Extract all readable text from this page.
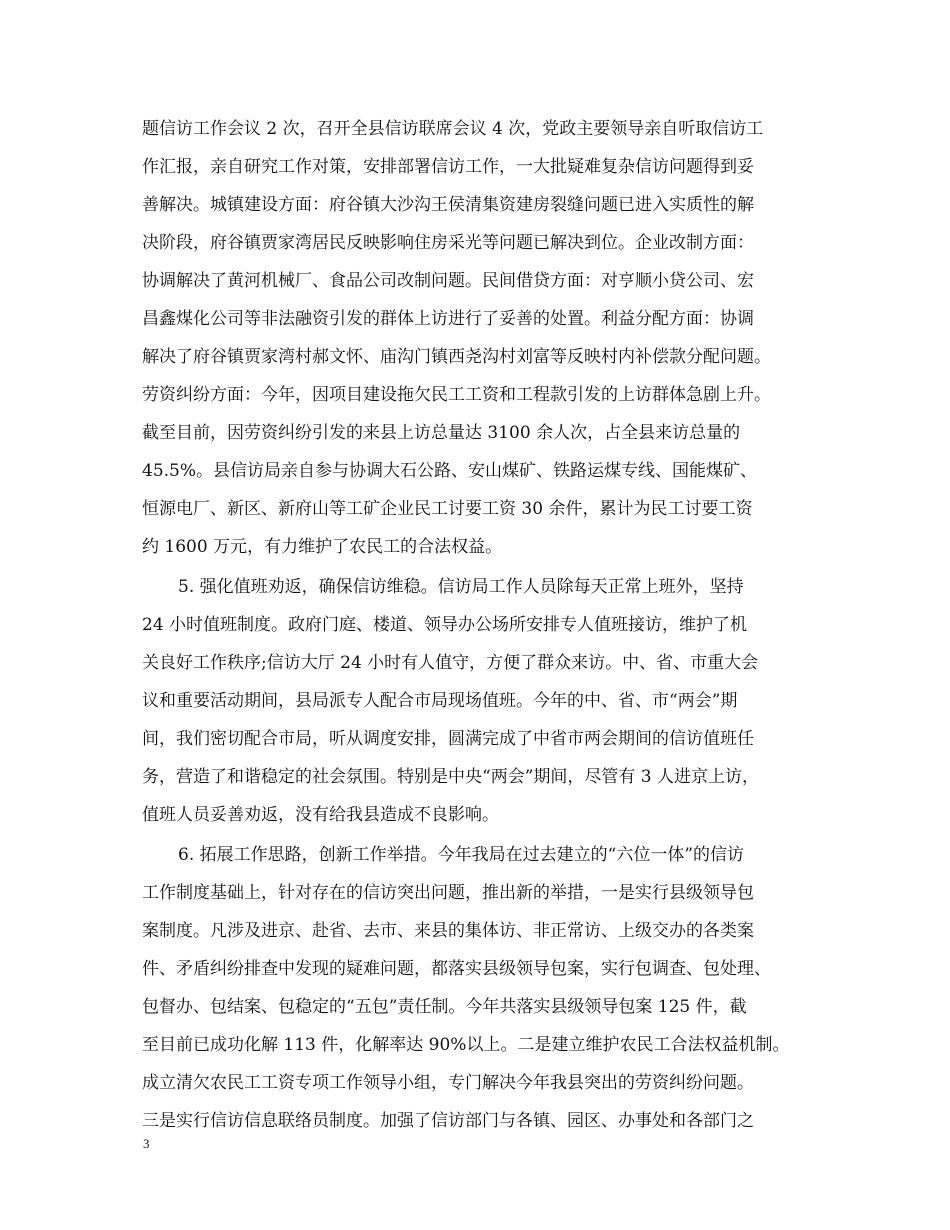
题信访工作会议 2 次，召开全县信访联席会议 4 次，党政主要领导亲自听取信访工
作汇报，亲自研究工作对策，安排部署信访工作，一大批疑难复杂信访问题得到妥
善解决。城镇建设方面：府谷镇大沙沟王侯清集资建房裂缝问题已进入实质性的解
决阶段，府谷镇贾家湾居民反映影响住房采光等问题已解决到位。企业改制方面：
协调解决了黄河机械厂、食品公司改制问题。民间借贷方面：对亨顺小贷公司、宏
昌鑫煤化公司等非法融资引发的群体上访进行了妥善的处置。利益分配方面：协调
解决了府谷镇贾家湾村郝文怀、庙沟门镇西尧沟村刘富等反映村内补偿款分配问题。
劳资纠纷方面：今年，因项目建设拖欠民工工资和工程款引发的上访群体急剧上升。
截至目前，因劳资纠纷引发的来县上访总量达 3100 余人次，占全县来访总量的
45.5%。县信访局亲自参与协调大石公路、安山煤矿、铁路运煤专线、国能煤矿、
恒源电厂、新区、新府山等工矿企业民工讨要工资 30 余件，累计为民工讨要工资
约 1600 万元，有力维护了农民工的合法权益。
5. 强化值班劝返，确保信访维稳。信访局工作人员除每天正常上班外，坚持
24 小时值班制度。政府门庭、楼道、领导办公场所安排专人值班接访，维护了机
关良好工作秩序;信访大厅 24 小时有人值守，方便了群众来访。中、省、市重大会
议和重要活动期间，县局派专人配合市局现场值班。今年的中、省、市“两会”期
间，我们密切配合市局，听从调度安排，圆满完成了中省市两会期间的信访值班任
务，营造了和谐稳定的社会氛围。特别是中央“两会”期间，尽管有 3 人进京上访，
值班人员妥善劝返，没有给我县造成不良影响。
6. 拓展工作思路，创新工作举措。今年我局在过去建立的“六位一体”的信访
工作制度基础上，针对存在的信访突出问题，推出新的举措，一是实行县级领导包
案制度。凡涉及进京、赴省、去市、来县的集体访、非正常访、上级交办的各类案
件、矛盾纠纷排查中发现的疑难问题，都落实县级领导包案，实行包调查、包处理、
包督办、包结案、包稳定的“五包”责任制。今年共落实县级领导包案 125 件，截
至目前已成功化解 113 件，化解率达 90%以上。二是建立维护农民工合法权益机制。
成立清欠农民工工资专项工作领导小组，专门解决今年我县突出的劳资纠纷问题。
三是实行信访信息联络员制度。加强了信访部门与各镇、园区、办事处和各部门之
3
